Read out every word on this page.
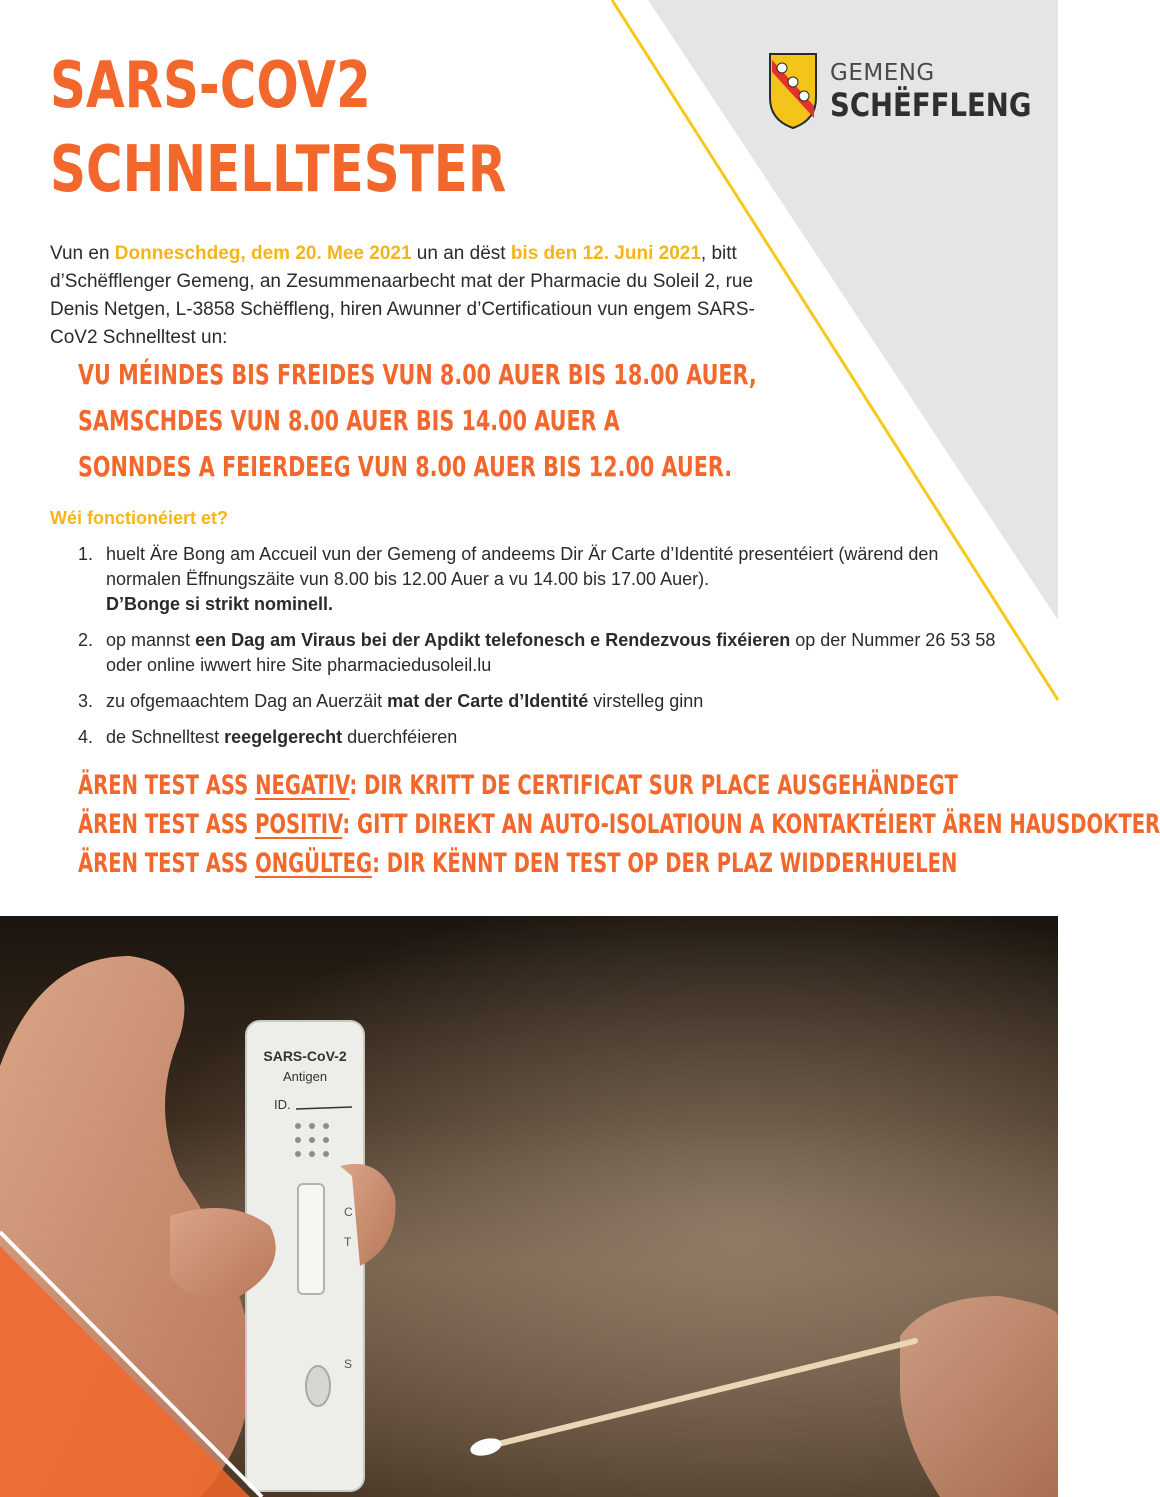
GEMENG
SCHËFFLENG
SARS-COV2
SCHNELLTESTER

Vun en Donneschdeg, dem 20. Mee 2021 un an dëst bis den 12. Juni 2021, bitt d’Schëfflenger Gemeng, an Zesummenaarbecht mat der Pharmacie du Soleil 2, rue Denis Netgen, L-3858 Schëffleng, hiren Awunner d’Certificatioun vun engem SARS-CoV2 Schnelltest un:

VU MÉINDES BIS FREIDES VUN 8.00 AUER BIS 18.00 AUER,
SAMSCHDES VUN 8.00 AUER BIS 14.00 AUER A
SONNDES A FEIERDEEG VUN 8.00 AUER BIS 12.00 AUER.
Wéi fonctionéiert et?
1. huelt Äre Bong am Accueil vun der Gemeng of andeems Dir Är Carte d’Identité presentéiert (wärend den normalen Ëffnungszäite vun 8.00 bis 12.00 Auer a vu 14.00 bis 17.00 Auer).
D’Bonge si strikt nominell.
2. op mannst een Dag am Viraus bei der Apdikt telefonesch e Rendezvous fixéieren op der Nummer 26 53 58 oder online iwwert hire Site pharmaciedusoleil.lu
3. zu ofgemaachtem Dag an Auerzäit mat der Carte d’Identité virstelleg ginn
4. de Schnelltest reegelgerecht duerchféieren
ÄREN TEST ASS NEGATIV: DIR KRITT DE CERTIFICAT SUR PLACE AUSGEHÄNDEGT
ÄREN TEST ASS POSITIV: GITT DIREKT AN AUTO-ISOLATIOUN A KONTAKTÉIERT ÄREN HAUSDOKTER
ÄREN TEST ASS ONGÜLTEG: DIR KËNNT DEN TEST OP DER PLAZ WIDDERHUELEN
SARS-CoV-2
Antigen
ID.
C
T
S
